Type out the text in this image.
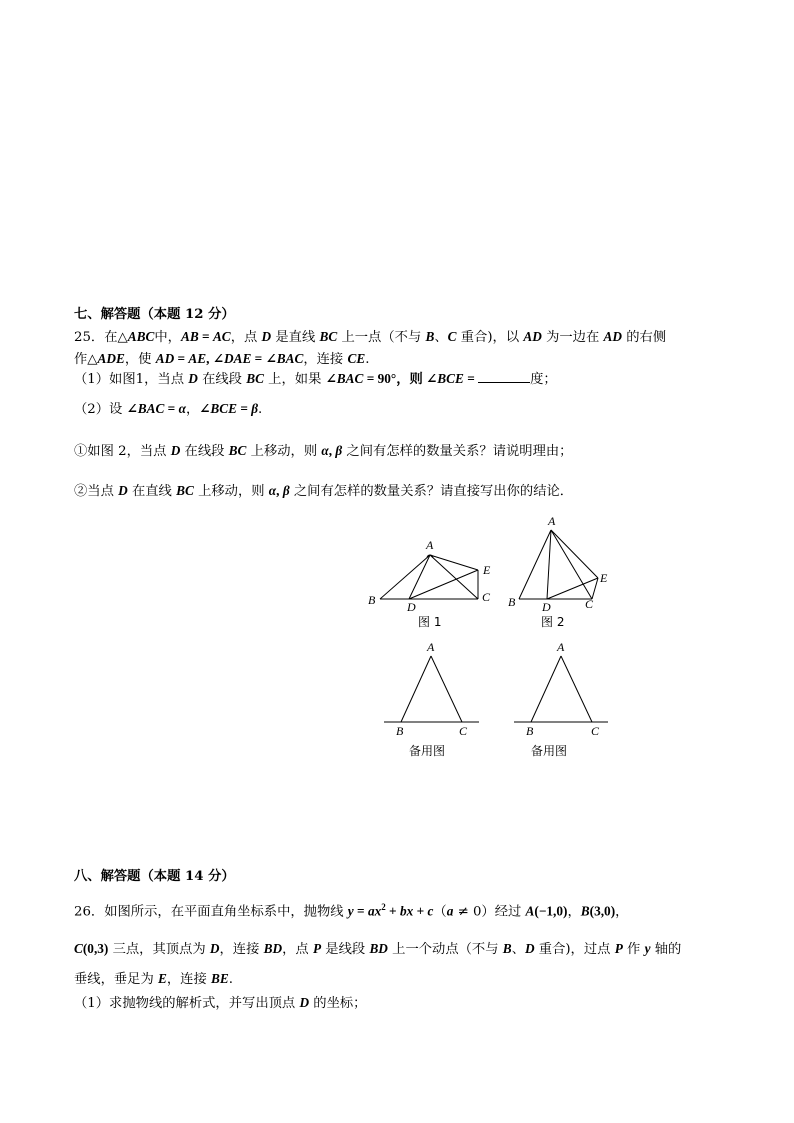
七、解答题（本题 12 分）
25．在△ABC中，AB = AC，点 D 是直线 BC 上一点（不与 B、C 重合)，以 AD 为一边在 AD 的右侧
作△ADE，使 AD = AE, ∠DAE = ∠BAC，连接 CE.
（1）如图1，当点 D 在线段 BC 上，如果 ∠BAC = 90°，则 ∠BCE =	度；
（2）设 ∠BAC = α，∠BCE = β.
①如图 2，当点 D 在线段 BC 上移动，则 α, β 之间有怎样的数量关系？请说明理由；
②当点 D 在直线 BC 上移动，则 α, β 之间有怎样的数量关系？请直接写出你的结论．
A
B	C
D
E
图 1
A
B	C
D
E
图 2
A
B	C
备用图
A
B	C
备用图
八、解答题（本题 14 分）
26．如图所示，在平面直角坐标系中，抛物线 $y = ax^2$ + bx + c（a ≠ 0）经过 A(−1,0)，B(3,0)，
C(0,3) 三点，其顶点为 D，连接 BD，点 P 是线段 BD 上一个动点（不与 B、D 重合)，过点 P 作 y 轴的
垂线，垂足为 E，连接 BE.
（1）求抛物线的解析式，并写出顶点 D 的坐标；
